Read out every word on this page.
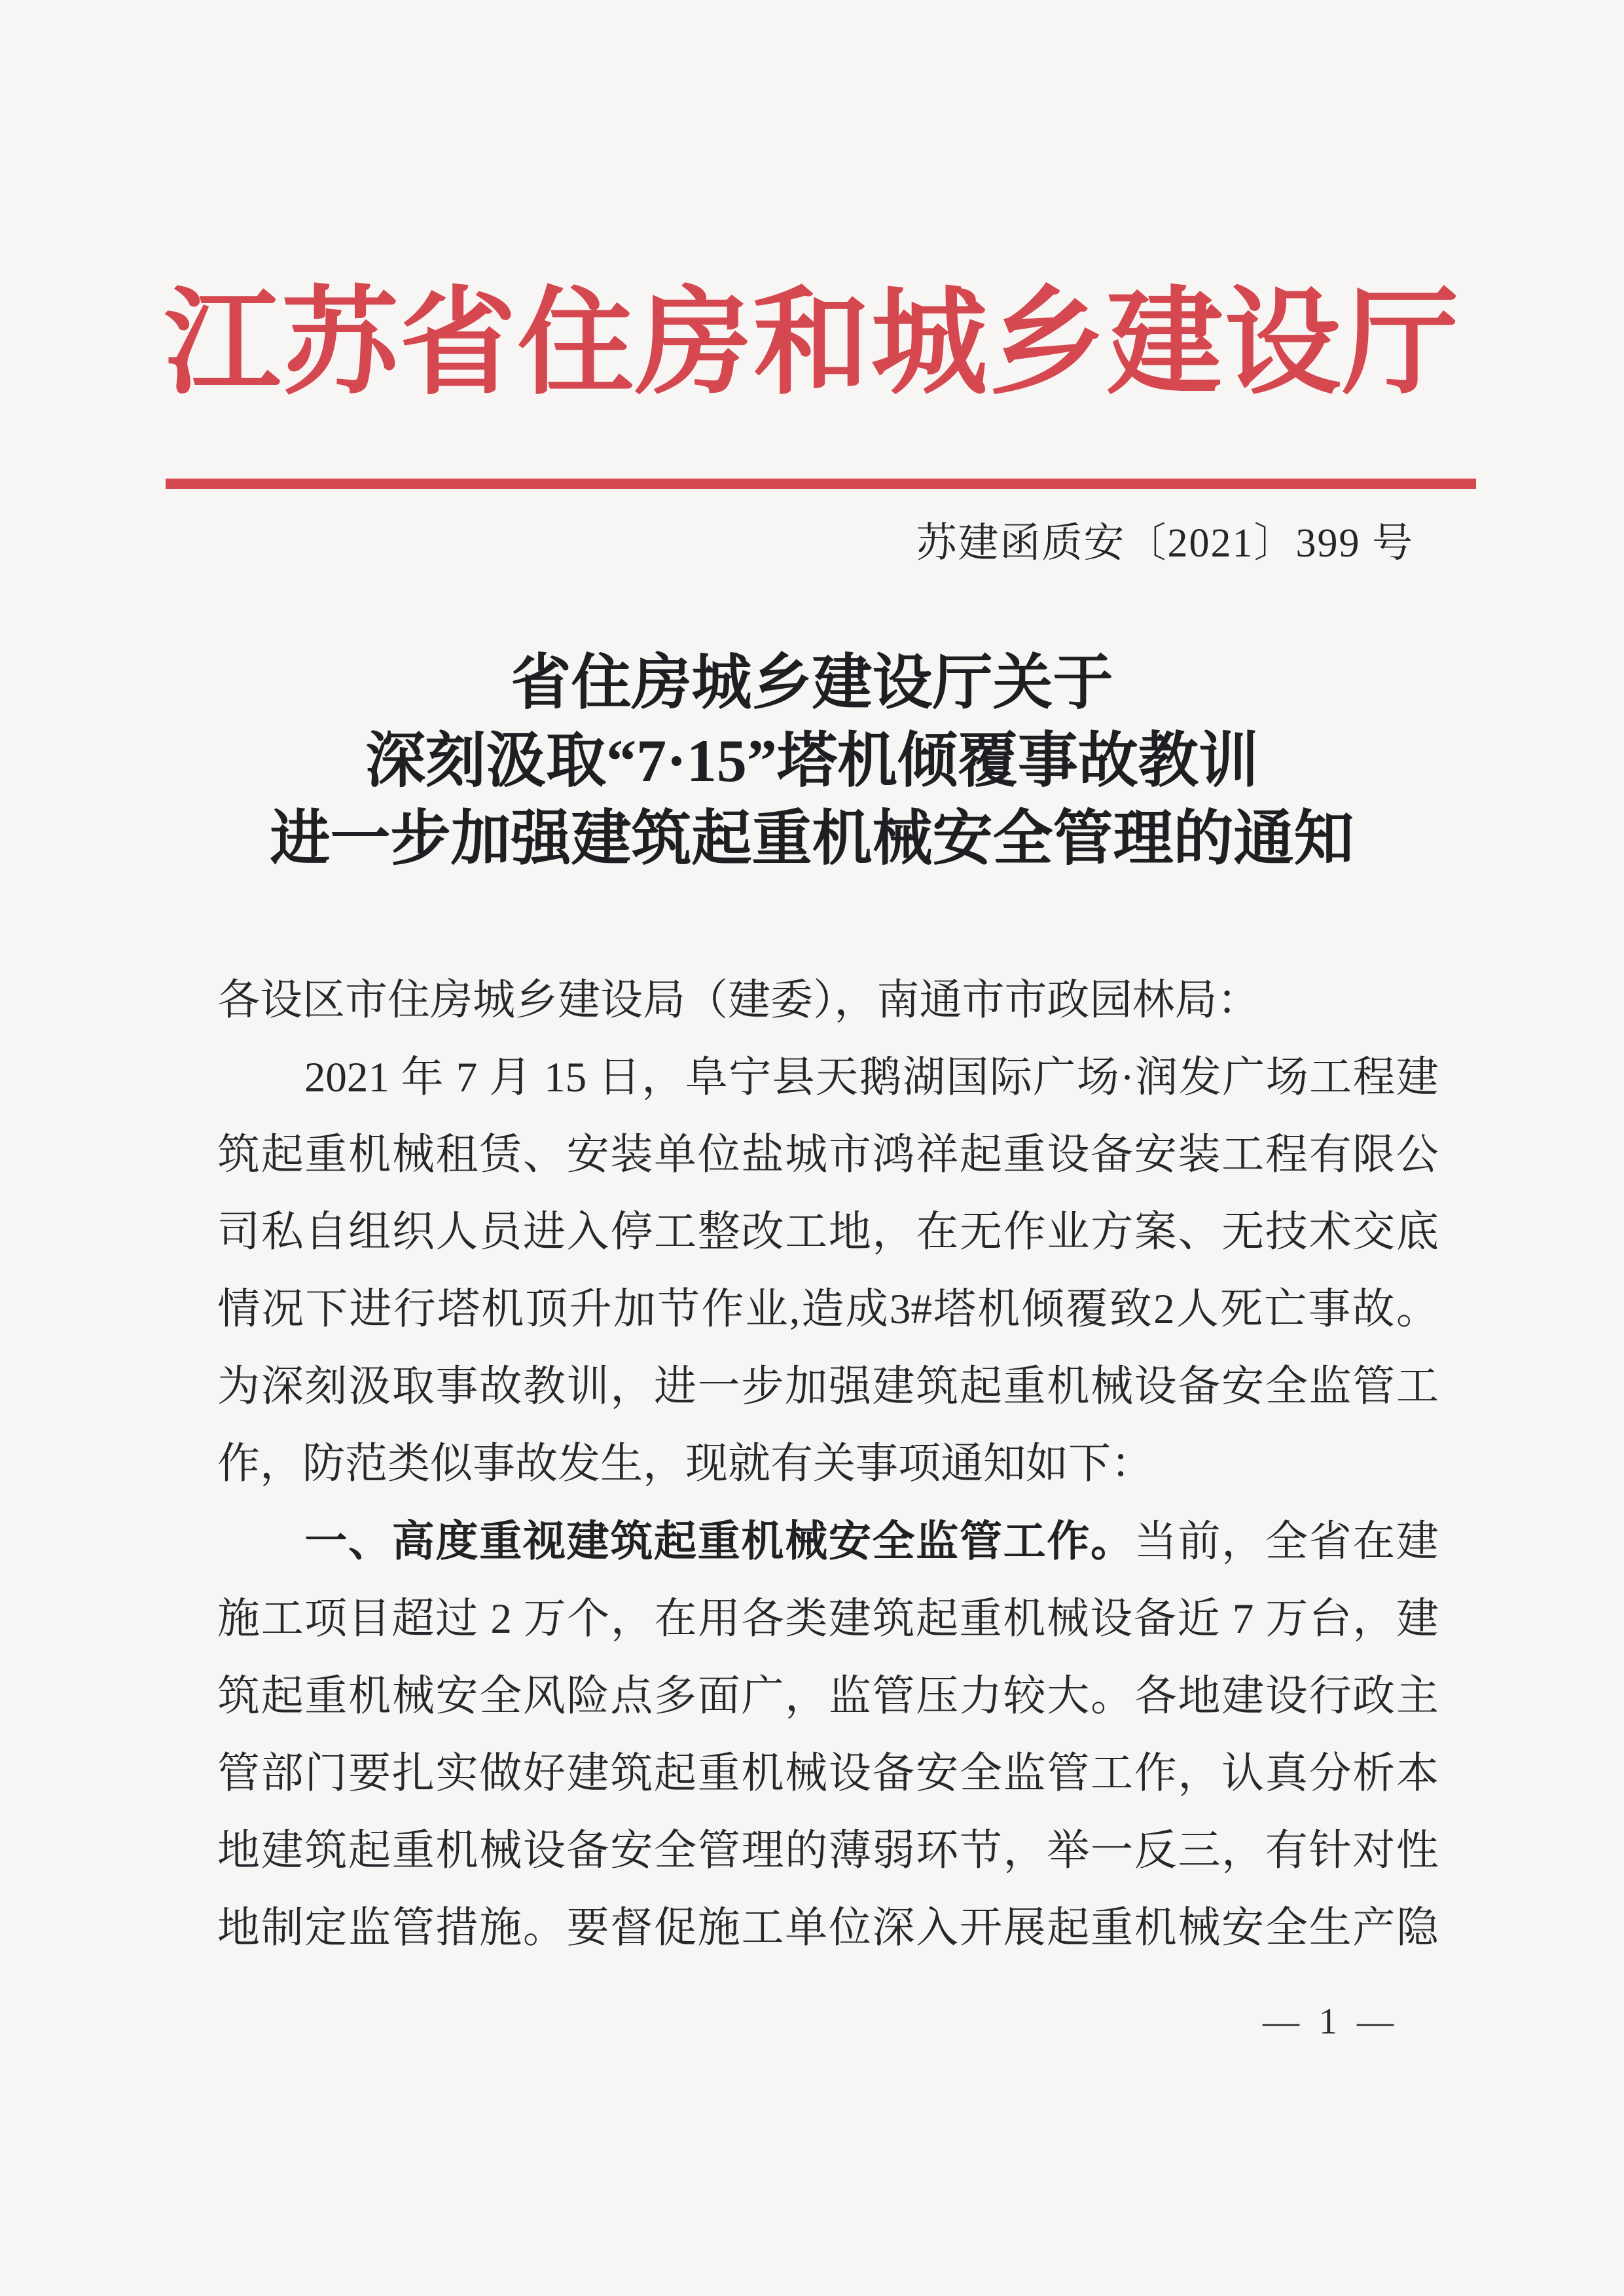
江苏省住房和城乡建设厅
苏建函质安〔2021〕399 号
省住房城乡建设厅关于
深刻汲取“7·15”塔机倾覆事故教训
进一步加强建筑起重机械安全管理的通知
各设区市住房城乡建设局（建委），南通市市政园林局：
　　2021 年 7 月 15 日，阜宁县天鹅湖国际广场·润发广场工程建
筑起重机械租赁、安装单位盐城市鸿祥起重设备安装工程有限公
司私自组织人员进入停工整改工地，在无作业方案、无技术交底
情况下进行塔机顶升加节作业,造成3#塔机倾覆致2人死亡事故。
为深刻汲取事故教训，进一步加强建筑起重机械设备安全监管工
作，防范类似事故发生，现就有关事项通知如下：
　　一、高度重视建筑起重机械安全监管工作。当前，全省在建
施工项目超过 2 万个，在用各类建筑起重机械设备近 7 万台，建
筑起重机械安全风险点多面广，监管压力较大。各地建设行政主
管部门要扎实做好建筑起重机械设备安全监管工作，认真分析本
地建筑起重机械设备安全管理的薄弱环节，举一反三，有针对性
地制定监管措施。要督促施工单位深入开展起重机械安全生产隐
— 1 —
